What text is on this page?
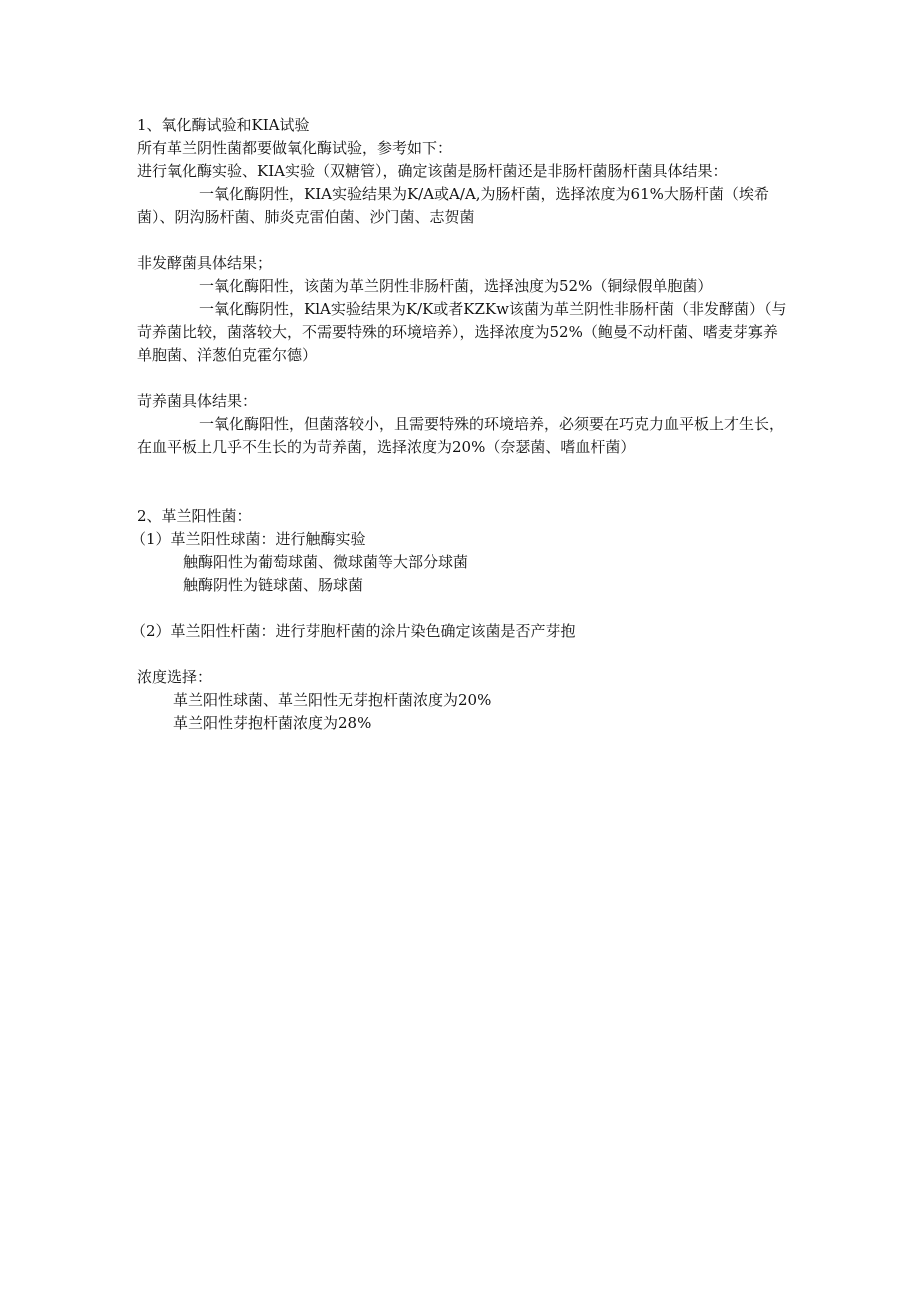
1、氧化酶试验和KIA试验

所有革兰阴性菌都要做氧化酶试验，参考如下：

进行氧化酶实验、KIA实验（双糖管），确定该菌是肠杆菌还是非肠杆菌肠杆菌具体结果：

一氧化酶阴性，KIA实验结果为K/A或A/A,为肠杆菌，选择浓度为61%大肠杆菌（埃希菌）、阴沟肠杆菌、肺炎克雷伯菌、沙门菌、志贺菌

非发酵菌具体结果；

一氧化酶阳性，该菌为革兰阴性非肠杆菌，选择浊度为52%（铜绿假单胞菌）

一氧化酶阴性，KlA实验结果为K/K或者KZKw该菌为革兰阴性非肠杆菌（非发酵菌）（与苛养菌比较，菌落较大，不需要特殊的环境培养），选择浓度为52%（鲍曼不动杆菌、嗜麦芽寡养单胞菌、洋葱伯克霍尔德）

苛养菌具体结果：

一氧化酶阳性，但菌落较小，且需要特殊的环境培养，必须要在巧克力血平板上才生长，在血平板上几乎不生长的为苛养菌，选择浓度为20%（奈瑟菌、嗜血杆菌）

2、革兰阳性菌：

（1）革兰阳性球菌：进行触酶实验

触酶阳性为葡萄球菌、微球菌等大部分球菌

触酶阴性为链球菌、肠球菌

（2）革兰阳性杆菌：进行芽胞杆菌的涂片染色确定该菌是否产芽抱

浓度选择：

革兰阳性球菌、革兰阳性无芽抱杆菌浓度为20%

革兰阳性芽抱杆菌浓度为28%
